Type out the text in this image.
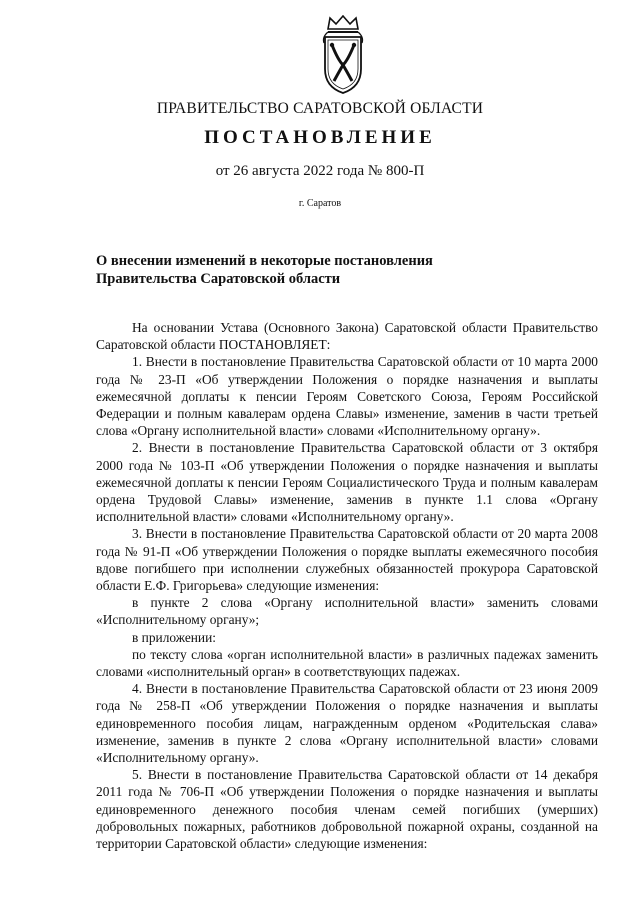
ПРАВИТЕЛЬСТВО САРАТОВСКОЙ ОБЛАСТИ
ПОСТАНОВЛЕНИЕ
от 26 августа 2022 года № 800-П
г. Саратов
О внесении изменений в некоторые постановления
Правительства Саратовской области

На основании Устава (Основного Закона) Саратовской области Правительство Саратовской области ПОСТАНОВЛЯЕТ:

1. Внести в постановление Правительства Саратовской области от 10 марта 2000 года № 23-П «Об утверждении Положения о порядке назначения и выплаты ежемесячной доплаты к пенсии Героям Советского Союза, Героям Российской Федерации и полным кавалерам ордена Славы» изменение, заменив в части третьей слова «Органу исполнительной власти» словами «Исполнительному органу».

2. Внести в постановление Правительства Саратовской области от 3 октября 2000 года № 103-П «Об утверждении Положения о порядке назначения и выплаты ежемесячной доплаты к пенсии Героям Социалистического Труда и полным кавалерам ордена Трудовой Славы» изменение, заменив в пункте 1.1 слова «Органу исполнительной власти» словами «Исполнительному органу».

3. Внести в постановление Правительства Саратовской области от 20 марта 2008 года № 91-П «Об утверждении Положения о порядке выплаты ежемесячного пособия вдове погибшего при исполнении служебных обязанностей прокурора Саратовской области Е.Ф. Григорьева» следующие изменения:

в пункте 2 слова «Органу исполнительной власти» заменить словами «Исполнительному органу»;

в приложении:

по тексту слова «орган исполнительной власти» в различных падежах заменить словами «исполнительный орган» в соответствующих падежах.

4. Внести в постановление Правительства Саратовской области от 23 июня 2009 года № 258-П «Об утверждении Положения о порядке назначения и выплаты единовременного пособия лицам, награжденным орденом «Родительская слава» изменение, заменив в пункте 2 слова «Органу исполнительной власти» словами «Исполнительному органу».

5. Внести в постановление Правительства Саратовской области от 14 декабря 2011 года № 706-П «Об утверждении Положения о порядке назначения и выплаты единовременного денежного пособия членам семей погибших (умерших) добровольных пожарных, работников добровольной пожарной охраны, созданной на территории Саратовской области» следующие изменения:
